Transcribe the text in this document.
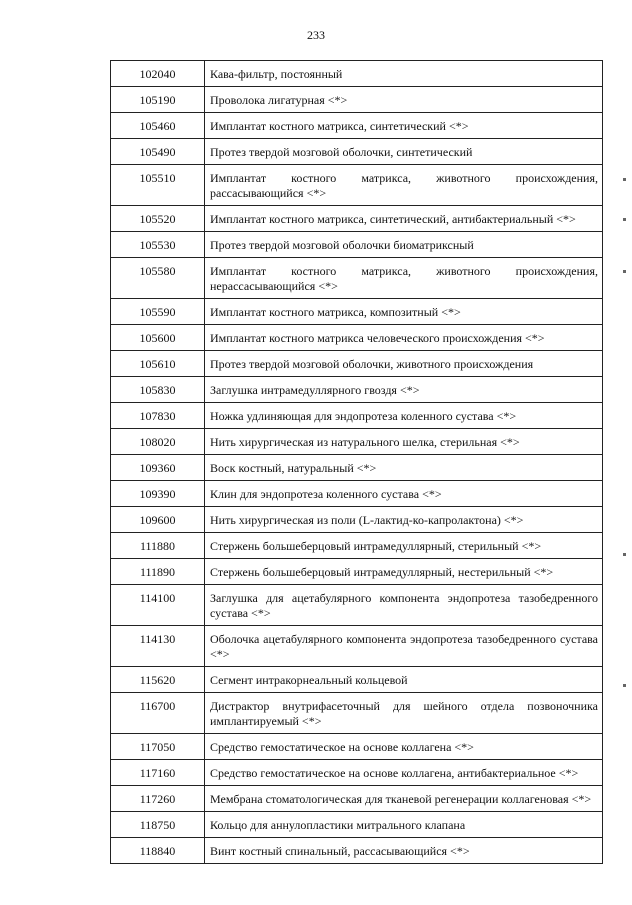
233
102040	Кава-фильтр, постоянный
105190	Проволока лигатурная <*>
105460	Имплантат костного матрикса, синтетический <*>
105490	Протез твердой мозговой оболочки, синтетический
105510	Имплантат костного матрикса, животного происхождения, рассасывающийся <*>
105520	Имплантат костного матрикса, синтетический, антибактериальный <*>
105530	Протез твердой мозговой оболочки биоматриксный
105580	Имплантат костного матрикса, животного происхождения, нерассасывающийся <*>
105590	Имплантат костного матрикса, композитный <*>
105600	Имплантат костного матрикса человеческого происхождения <*>
105610	Протез твердой мозговой оболочки, животного происхождения
105830	Заглушка интрамедуллярного гвоздя <*>
107830	Ножка удлиняющая для эндопротеза коленного сустава <*>
108020	Нить хирургическая из натурального шелка, стерильная <*>
109360	Воск костный, натуральный <*>
109390	Клин для эндопротеза коленного сустава <*>
109600	Нить хирургическая из поли (L-лактид-ко-капролактона) <*>
111880	Стержень большеберцовый интрамедуллярный, стерильный <*>
111890	Стержень большеберцовый интрамедуллярный, нестерильный <*>
114100	Заглушка для ацетабулярного компонента эндопротеза тазобедренного сустава <*>
114130	Оболочка ацетабулярного компонента эндопротеза тазобедренного сустава <*>
115620	Сегмент интракорнеальный кольцевой
116700	Дистрактор внутрифасеточный для шейного отдела позвоночника имплантируемый <*>
117050	Средство гемостатическое на основе коллагена <*>
117160	Средство гемостатическое на основе коллагена, антибактериальное <*>
117260	Мембрана стоматологическая для тканевой регенерации коллагеновая <*>
118750	Кольцо для аннулопластики митрального клапана
118840	Винт костный спинальный, рассасывающийся <*>
